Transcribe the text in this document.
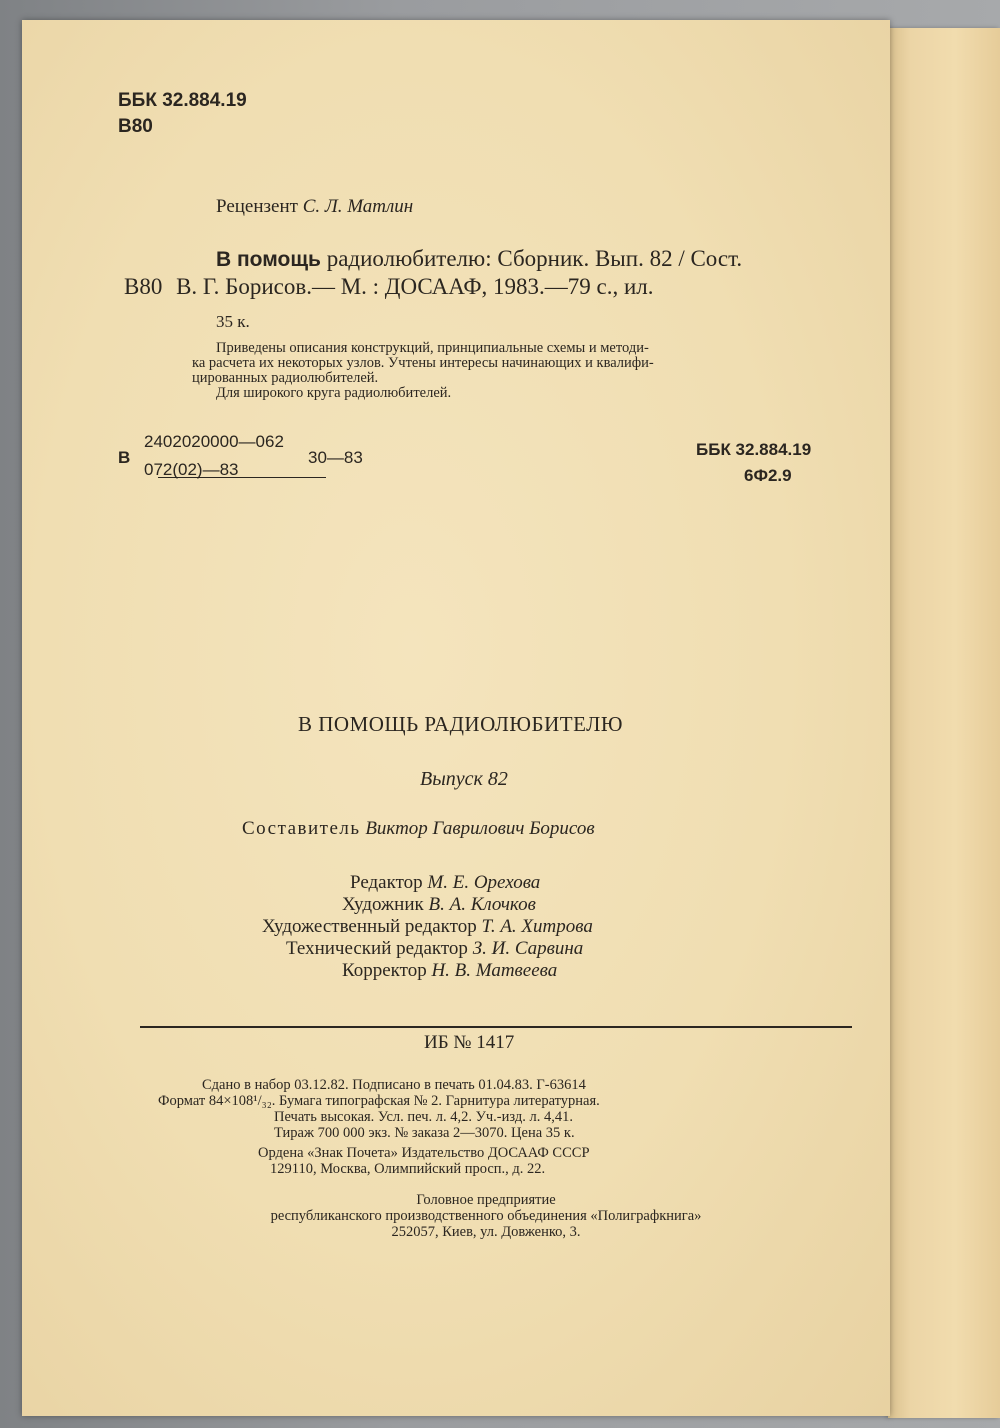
ББК 32.884.19
В80
Рецензент С. Л. Матлин
В помощь радиолюбителю: Сборник. Вып. 82 / Сост.
В80 В. Г. Борисов.— М. : ДОСААФ, 1983.—79 с., ил.
35 к.
Приведены описания конструкций, принципиальные схемы и методи-
ка расчета их некоторых узлов. Учтены интересы начинающих и квалифи-
цированных радиолюбителей.
Для широкого круга радиолюбителей.
В
2402020000—062
072(02)—83
30—83	ББК 32.884.19
6Ф2.9
В ПОМОЩЬ РАДИОЛЮБИТЕЛЮ
Выпуск 82
Составитель Виктор Гаврилович Борисов
Редактор М. Е. Орехова
Художник В. А. Клочков
Художественный редактор Т. А. Хитрова
Технический редактор З. И. Сарвина
Корректор Н. В. Матвеева
ИБ № 1417
Сдано в набор 03.12.82. Подписано в печать 01.04.83. Г-63614
Формат 84×108¹/₃₂. Бумага типографская № 2. Гарнитура литературная.
Печать высокая. Усл. печ. л. 4,2. Уч.-изд. л. 4,41.
Тираж 700 000 экз. № заказа 2—3070. Цена 35 к.
Ордена «Знак Почета» Издательство ДОСААФ СССР
129110, Москва, Олимпийский просп., д. 22.
Головное предприятие
республиканского производственного объединения «Полиграфкнига»
252057, Киев, ул. Довженко, 3.
